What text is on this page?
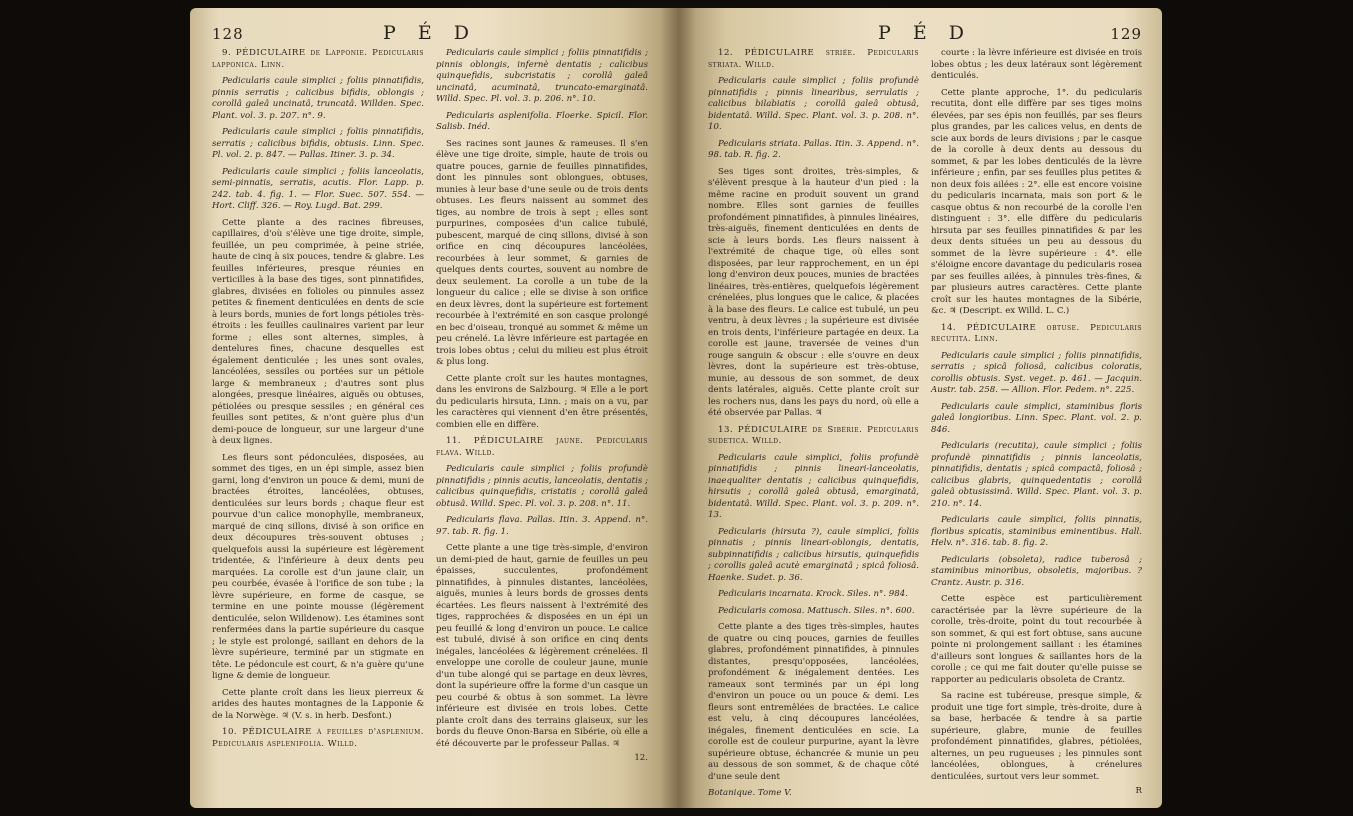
128	P É D

9. PÉDICULAIRE de Lapponie. Pedicularis lapponica. Linn.

Pedicularis caule simplici ; foliis pinnatifidis, pinnis serratis ; calicibus bifidis, oblongis ; corollâ galeâ uncinatâ, truncatâ. Willden. Spec. Plant. vol. 3. p. 207. n°. 9.

Pedicularis caule simplici ; foliis pinnatifidis, serratis ; calicibus bifidis, obtusis. Linn. Spec. Pl. vol. 2. p. 847. — Pallas. Itiner. 3. p. 34.

Pedicularis caule simplici ; foliis lanceolatis, semi-pinnatis, serratis, acutis. Flor. Lapp. p. 242. tab. 4. fig. 1. — Flor. Suec. 507. 554. — Hort. Cliff. 326. — Roy. Lugd. Bat. 299.

Cette plante a des racines fibreuses, capillaires, d'où s'élève une tige droite, simple, feuillée, un peu comprimée, à peine striée, haute de cinq à six pouces, tendre & glabre. Les feuilles inférieures, presque réunies en verticilles à la base des tiges, sont pinnatifides, glabres, divisées en folioles ou pinnules assez petites & finement denticulées en dents de scie à leurs bords, munies de fort longs pétioles très-étroits : les feuilles caulinaires varient par leur forme ; elles sont alternes, simples, à dentelures fines, chacune desquelles est également denticulée ; les unes sont ovales, lancéolées, sessiles ou portées sur un pétiole large & membraneux ; d'autres sont plus alongées, presque linéaires, aiguës ou obtuses, pétiolées ou presque sessiles ; en général ces feuilles sont petites, & n'ont guère plus d'un demi-pouce de longueur, sur une largeur d'une à deux lignes.

Les fleurs sont pédonculées, disposées, au sommet des tiges, en un épi simple, assez bien garni, long d'environ un pouce & demi, muni de bractées étroites, lancéolées, obtuses, denticulées sur leurs bords ; chaque fleur est pourvue d'un calice monophylle, membraneux, marqué de cinq sillons, divisé à son orifice en deux découpures très-souvent obtuses ; quelquefois aussi la supérieure est légèrement tridentée, & l'inférieure à deux dents peu marquées. La corolle est d'un jaune clair, un peu courbée, évasée à l'orifice de son tube ; la lèvre supérieure, en forme de casque, se termine en une pointe mousse (légèrement denticulée, selon Willdenow). Les étamines sont renfermées dans la partie supérieure du casque ; le style est prolongé, saillant en dehors de la lèvre supérieure, terminé par un stigmate en tête. Le pédoncule est court, & n'a guère qu'une ligne & demie de longueur.

Cette plante croît dans les lieux pierreux & arides des hautes montagnes de la Lapponie & de la Norwège. ♃ (V. s. in herb. Desfont.)

10. PÉDICULAIRE à feuilles d'asplenium. Pedicularis asplenifolia. Willd.

Pedicularis caule simplici ; foliis pinnatifidis ; pinnis oblongis, infernè dentatis ; calicibus quinquefidis, subcristatis ; corollâ galeâ uncinatâ, acuminatâ, truncato-emarginatâ. Willd. Spec. Pl. vol. 3. p. 206. n°. 10.

Pedicularis asplenifolia. Floerke. Spicil. Flor. Salisb. Inéd.

Ses racines sont jaunes & rameuses. Il s'en élève une tige droite, simple, haute de trois ou quatre pouces, garnie de feuilles pinnatifides, dont les pinnules sont oblongues, obtuses, munies à leur base d'une seule ou de trois dents obtuses. Les fleurs naissent au sommet des tiges, au nombre de trois à sept ; elles sont purpurines, composées d'un calice tubulé, pubescent, marqué de cinq sillons, divisé à son orifice en cinq découpures lancéolées, recourbées à leur sommet, & garnies de quelques dents courtes, souvent au nombre de deux seulement. La corolle a un tube de la longueur du calice ; elle se divise à son orifice en deux lèvres, dont la supérieure est fortement recourbée à l'extrémité en son casque prolongé en bec d'oiseau, tronqué au sommet & même un peu crénelé. La lèvre inférieure est partagée en trois lobes obtus ; celui du milieu est plus étroit & plus long.

Cette plante croît sur les hautes montagnes, dans les environs de Salzbourg. ♃ Elle a le port du pedicularis hirsuta, Linn. ; mais on a vu, par les caractères qui viennent d'en être présentés, combien elle en diffère.

11. PÉDICULAIRE jaune. Pedicularis flava. Willd.

Pedicularis caule simplici ; foliis profundè pinnatifidis ; pinnis acutis, lanceolatis, dentatis ; calicibus quinquefidis, cristatis ; corollâ galeâ obtusâ. Willd. Spec. Pl. vol. 3. p. 208. n°. 11.

Pedicularis flava. Pallas. Itin. 3. Append. n°. 97. tab. R. fig. 1.

Cette plante a une tige très-simple, d'environ un demi-pied de haut, garnie de feuilles un peu épaisses, succulentes, profondément pinnatifides, à pinnules distantes, lancéolées, aiguës, munies à leurs bords de grosses dents écartées. Les fleurs naissent à l'extrémité des tiges, rapprochées & disposées en un épi un peu feuillé & long d'environ un pouce. Le calice est tubulé, divisé à son orifice en cinq dents inégales, lancéolées & légèrement crénelées. Il enveloppe une corolle de couleur jaune, munie d'un tube alongé qui se partage en deux lèvres, dont la supérieure offre la forme d'un casque un peu courbé & obtus à son sommet. La lèvre inférieure est divisée en trois lobes. Cette plante croît dans des terrains glaiseux, sur les bords du fleuve Onon-Barsa en Sibérie, où elle a été découverte par le professeur Pallas. ♃

12.
P É D	129

12. PÉDICULAIRE striée. Pedicularis striata. Willd.

Pedicularis caule simplici ; foliis profundè pinnatifidis ; pinnis linearibus, serrulatis ; calicibus bilabiatis ; corollâ galeâ obtusâ, bidentatâ. Willd. Spec. Plant. vol. 3. p. 208. n°. 10.

Pedicularis striata. Pallas. Itin. 3. Append. n°. 98. tab. R. fig. 2.

Ses tiges sont droites, très-simples, & s'élèvent presque à la hauteur d'un pied : la même racine en produit souvent un grand nombre. Elles sont garnies de feuilles profondément pinnatifides, à pinnules linéaires, très-aiguës, finement denticulées en dents de scie à leurs bords. Les fleurs naissent à l'extrémité de chaque tige, où elles sont disposées, par leur rapprochement, en un épi long d'environ deux pouces, munies de bractées linéaires, très-entières, quelquefois légèrement crénelées, plus longues que le calice, & placées à la base des fleurs. Le calice est tubulé, un peu ventru, à deux lèvres ; la supérieure est divisée en trois dents, l'inférieure partagée en deux. La corolle est jaune, traversée de veines d'un rouge sanguin & obscur : elle s'ouvre en deux lèvres, dont la supérieure est très-obtuse, munie, au dessous de son sommet, de deux dents latérales, aiguës. Cette plante croît sur les rochers nus, dans les pays du nord, où elle a été observée par Pallas. ♃

13. PÉDICULAIRE de Sibérie. Pedicularis sudetica. Willd.

Pedicularis caule simplici, foliis profundè pinnatifidis ; pinnis lineari-lanceolatis, inaequaliter dentatis ; calicibus quinquefidis, hirsutis ; corollâ galeâ obtusâ, emarginatâ, bidentatâ. Willd. Spec. Plant. vol. 3. p. 209. n°. 13.

Pedicularis (hirsuta ?), caule simplici, foliis pinnatis ; pinnis lineari-oblongis, dentatis, subpinnatifidis ; calicibus hirsutis, quinquefidis ; corollis galeâ acutè emarginatâ ; spicâ foliosâ. Haenke. Sudet. p. 36.

Pedicularis incarnata. Krock. Siles. n°. 984.

Pedicularis comosa. Mattusch. Siles. n°. 600.

Cette plante a des tiges très-simples, hautes de quatre ou cinq pouces, garnies de feuilles glabres, profondément pinnatifides, à pinnules distantes, presqu'opposées, lancéolées, profondément & inégalement dentées. Les rameaux sont terminés par un épi long d'environ un pouce ou un pouce & demi. Les fleurs sont entremêlées de bractées. Le calice est velu, à cinq découpures lancéolées, inégales, finement denticulées en scie. La corolle est de couleur purpurine, ayant la lèvre supérieure obtuse, échancrée & munie un peu au dessous de son sommet, & de chaque côté d'une seule dent

Botanique. Tome V.

courte : la lèvre inférieure est divisée en trois lobes obtus ; les deux latéraux sont légèrement denticulés.

Cette plante approche, 1°. du pedicularis recutita, dont elle diffère par ses tiges moins élevées, par ses épis non feuillés, par ses fleurs plus grandes, par les calices velus, en dents de scie aux bords de leurs divisions ; par le casque de la corolle à deux dents au dessous du sommet, & par les lobes denticulés de la lèvre inférieure ; enfin, par ses feuilles plus petites & non deux fois ailées : 2°. elle est encore voisine du pedicularis incarnata, mais son port & le casque obtus & non recourbé de la corolle l'en distinguent : 3°. elle diffère du pedicularis hirsuta par ses feuilles pinnatifides & par les deux dents situées un peu au dessous du sommet de la lèvre supérieure : 4°. elle s'éloigne encore davantage du pedicularis rosea par ses feuilles ailées, à pinnules très-fines, & par plusieurs autres caractères. Cette plante croît sur les hautes montagnes de la Sibérie, &c. ♃ (Descript. ex Willd. L. C.)

14. PÉDICULAIRE obtuse. Pedicularis recutita. Linn.

Pedicularis caule simplici ; foliis pinnatifidis, serratis ; spicâ foliosâ, calicibus coloratis, corollis obtusis. Syst. veget. p. 461. — Jacquin. Austr. tab. 258. — Allion. Flor. Pedem. n°. 225.

Pedicularis caule simplici, staminibus floris galeâ longioribus. Linn. Spec. Plant. vol. 2. p. 846.

Pedicularis (recutita), caule simplici ; foliis profundè pinnatifidis ; pinnis lanceolatis, pinnatifidis, dentatis ; spicâ compactâ, foliosâ ; calicibus glabris, quinquedentatis ; corollâ galeâ obtusissimâ. Willd. Spec. Plant. vol. 3. p. 210. n°. 14.

Pedicularis caule simplici, foliis pinnatis, floribus spicatis, staminibus eminentibus. Hall. Helv. n°. 316. tab. 8. fig. 2.

Pedicularis (obsoleta), radice tuberosâ ; staminibus minoribus, obsoletis, majoribus. ? Crantz. Austr. p. 316.

Cette espèce est particulièrement caractérisée par la lèvre supérieure de la corolle, très-droite, point du tout recourbée à son sommet, & qui est fort obtuse, sans aucune pointe ni prolongement saillant : les étamines d'ailleurs sont longues & saillantes hors de la corolle ; ce qui me fait douter qu'elle puisse se rapporter au pedicularis obsoleta de Crantz.

Sa racine est tubéreuse, presque simple, & produit une tige fort simple, très-droite, dure à sa base, herbacée & tendre à sa partie supérieure, glabre, munie de feuilles profondément pinnatifides, glabres, pétiolées, alternes, un peu rugueuses ; les pinnules sont lancéolées, oblongues, à crénelures denticulées, surtout vers leur sommet.

R
